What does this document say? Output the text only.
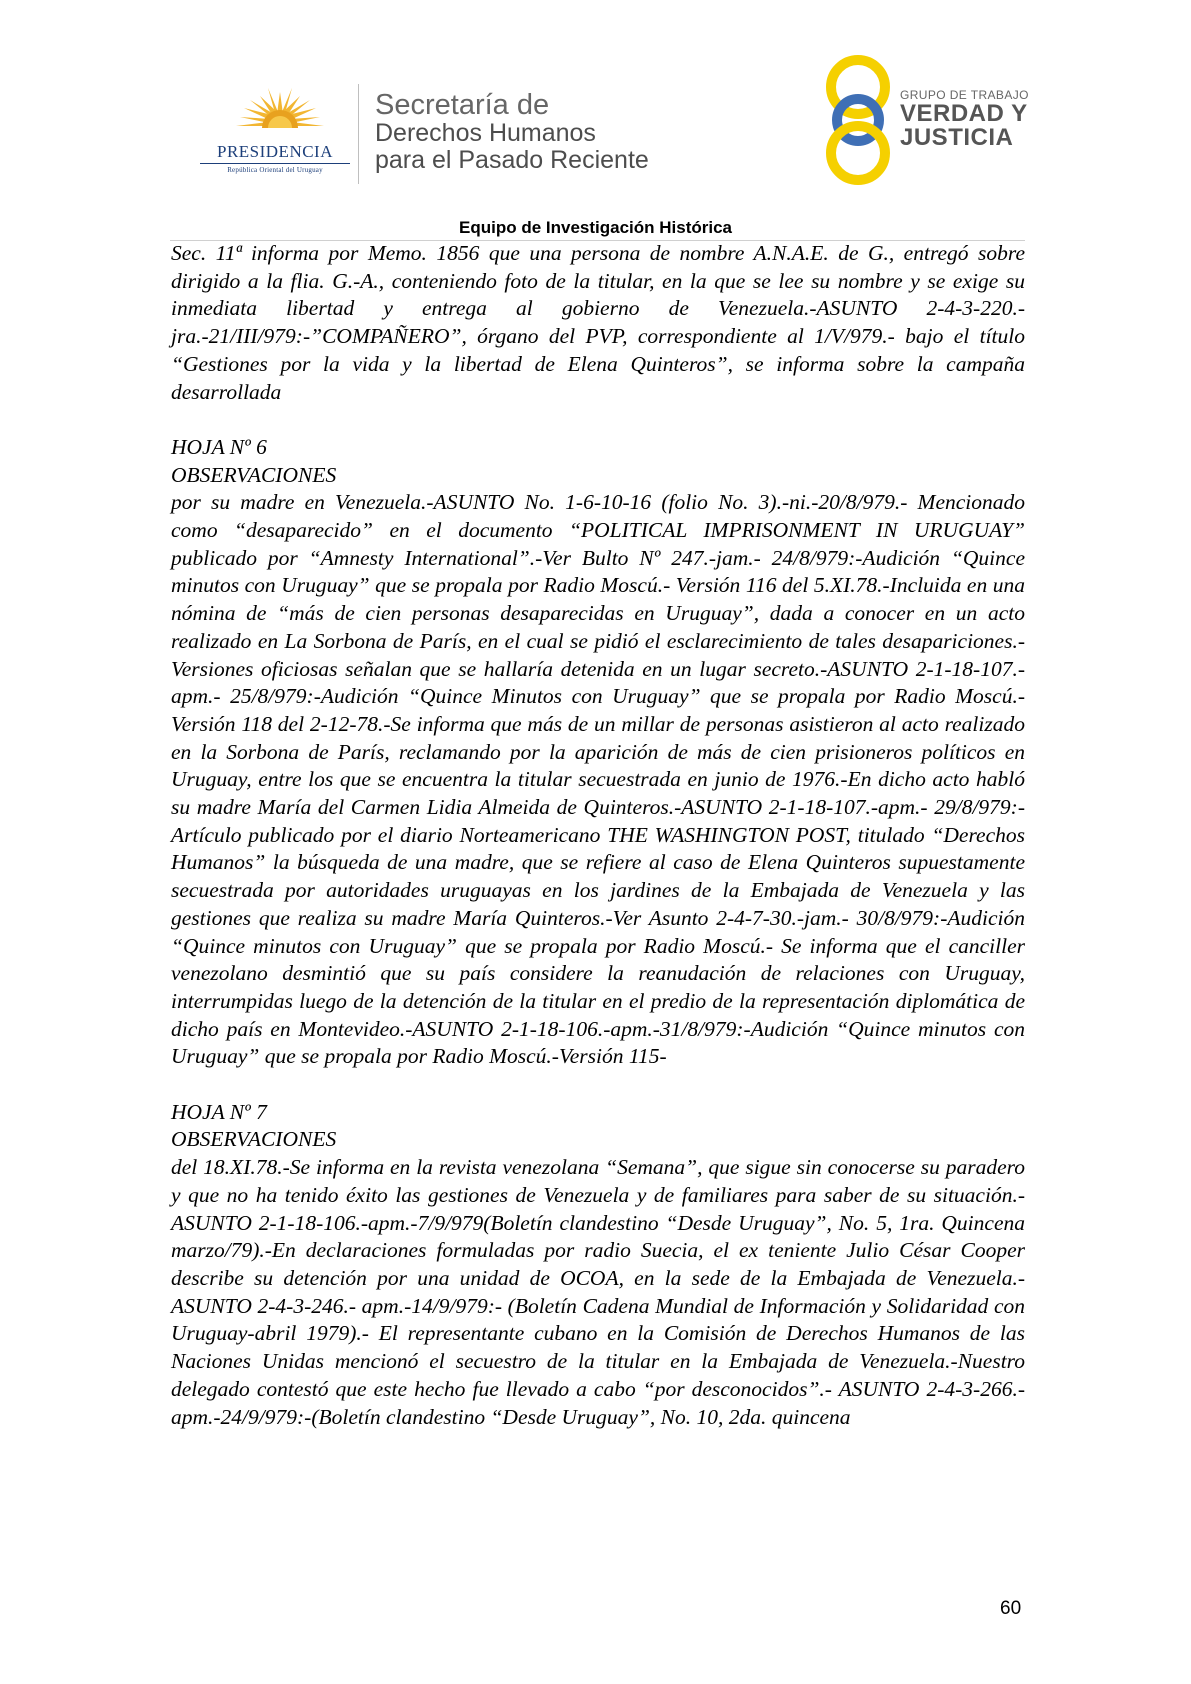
PRESIDENCIA
República Oriental del Uruguay
Secretaría de
Derechos Humanos
para el Pasado Reciente
GRUPO DE TRABAJO
VERDAD Y
JUSTICIA
Equipo de Investigación Histórica

Sec. 11ª informa por Memo. 1856 que una persona de nombre A.N.A.E. de G., entregó sobre dirigido a la flia. G.-A., conteniendo foto de la titular, en la que se lee su nombre y se exige su inmediata libertad y entrega al gobierno de Venezuela.-ASUNTO 2-4-3-220.-jra.-21/III/979:-”COMPAÑERO”, órgano del PVP, correspondiente al 1/V/979.- bajo el título “Gestiones por la vida y la libertad de Elena Quinteros”, se informa sobre la campaña desarrollada

HOJA Nº 6

OBSERVACIONES

por su madre en Venezuela.-ASUNTO No. 1-6-10-16 (folio No. 3).-ni.-20/8/979.- Mencionado como “desaparecido” en el documento “POLITICAL IMPRISONMENT IN URUGUAY” publicado por “Amnesty International”.-Ver Bulto Nº 247.-jam.- 24/8/979:-Audición “Quince minutos con Uruguay” que se propala por Radio Moscú.- Versión 116 del 5.XI.78.-Incluida en una nómina de “más de cien personas desaparecidas en Uruguay”, dada a conocer en un acto realizado en La Sorbona de París, en el cual se pidió el esclarecimiento de tales desapariciones.-Versiones oficiosas señalan que se hallaría detenida en un lugar secreto.-ASUNTO 2-1-18-107.-apm.- 25/8/979:-Audición “Quince Minutos con Uruguay” que se propala por Radio Moscú.- Versión 118 del 2-12-78.-Se informa que más de un millar de personas asistieron al acto realizado en la Sorbona de París, reclamando por la aparición de más de cien prisioneros políticos en Uruguay, entre los que se encuentra la titular secuestrada en junio de 1976.-En dicho acto habló su madre María del Carmen Lidia Almeida de Quinteros.-ASUNTO 2-1-18-107.-apm.- 29/8/979:-Artículo publicado por el diario Norteamericano THE WASHINGTON POST, titulado “Derechos Humanos” la búsqueda de una madre, que se refiere al caso de Elena Quinteros supuestamente secuestrada por autoridades uruguayas en los jardines de la Embajada de Venezuela y las gestiones que realiza su madre María Quinteros.-Ver Asunto 2-4-7-30.-jam.- 30/8/979:-Audición “Quince minutos con Uruguay” que se propala por Radio Moscú.- Se informa que el canciller venezolano desmintió que su país considere la reanudación de relaciones con Uruguay, interrumpidas luego de la detención de la titular en el predio de la representación diplomática de dicho país en Montevideo.-ASUNTO 2-1-18-106.-apm.-31/8/979:-Audición “Quince minutos con Uruguay” que se propala por Radio Moscú.-Versión 115-

HOJA Nº 7

OBSERVACIONES

del 18.XI.78.-Se informa en la revista venezolana “Semana”, que sigue sin conocerse su paradero y que no ha tenido éxito las gestiones de Venezuela y de familiares para saber de su situación.- ASUNTO 2-1-18-106.-apm.-7/9/979(Boletín clandestino “Desde Uruguay”, No. 5, 1ra. Quincena marzo/79).-En declaraciones formuladas por radio Suecia, el ex teniente Julio César Cooper describe su detención por una unidad de OCOA, en la sede de la Embajada de Venezuela.-ASUNTO 2-4-3-246.- apm.-14/9/979:- (Boletín Cadena Mundial de Información y Solidaridad con Uruguay-abril 1979).- El representante cubano en la Comisión de Derechos Humanos de las Naciones Unidas mencionó el secuestro de la titular en la Embajada de Venezuela.-Nuestro delegado contestó que este hecho fue llevado a cabo “por desconocidos”.- ASUNTO 2-4-3-266.- apm.-24/9/979:-(Boletín clandestino “Desde Uruguay”, No. 10, 2da. quincena

60
